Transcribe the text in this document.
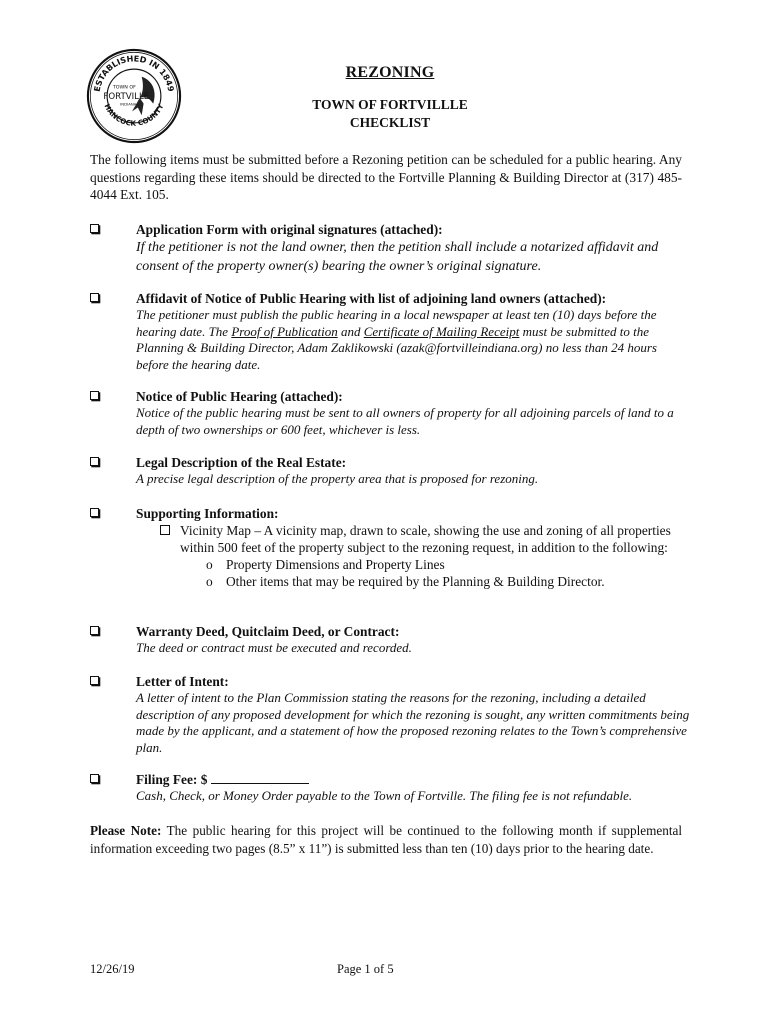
ESTABLISHED IN 1849
HANCOCK COUNTY
TOWN OF
FORTVILLE
INDIANA
REZONING
TOWN OF FORTVILLLE
CHECKLIST
The following items must be submitted before a Rezoning petition can be scheduled for a public hearing. Any questions regarding these items should be directed to the Fortville Planning & Building Director at (317) 485-4044 Ext. 105.
Application Form with original signatures (attached):
If the petitioner is not the land owner, then the petition shall include a notarized affidavit and consent of the property owner(s) bearing the owner’s original signature.
Affidavit of Notice of Public Hearing with list of adjoining land owners (attached):
The petitioner must publish the public hearing in a local newspaper at least ten (10) days before the hearing date. The Proof of Publication and Certificate of Mailing Receipt must be submitted to the Planning & Building Director, Adam Zaklikowski (azak@fortvilleindiana.org) no less than 24 hours before the hearing date.
Notice of Public Hearing (attached):
Notice of the public hearing must be sent to all owners of property for all adjoining parcels of land to a depth of two ownerships or 600 feet, whichever is less.
Legal Description of the Real Estate:
A precise legal description of the property area that is proposed for rezoning.
Supporting Information:
Vicinity Map – A vicinity map, drawn to scale, showing the use and zoning of all properties within 500 feet of the property subject to the rezoning request, in addition to the following:
o Property Dimensions and Property Lines
o Other items that may be required by the Planning & Building Director.
Warranty Deed, Quitclaim Deed, or Contract:
The deed or contract must be executed and recorded.
Letter of Intent:
A letter of intent to the Plan Commission stating the reasons for the rezoning, including a detailed description of any proposed development for which the rezoning is sought, any written commitments being made by the applicant, and a statement of how the proposed rezoning relates to the Town’s comprehensive plan.
Filing Fee: $
Cash, Check, or Money Order payable to the Town of Fortville. The filing fee is not refundable.
Please Note: The public hearing for this project will be continued to the following month if supplemental information exceeding two pages (8.5” x 11”) is submitted less than ten (10) days prior to the hearing date.
12/26/19	Page 1 of 5
